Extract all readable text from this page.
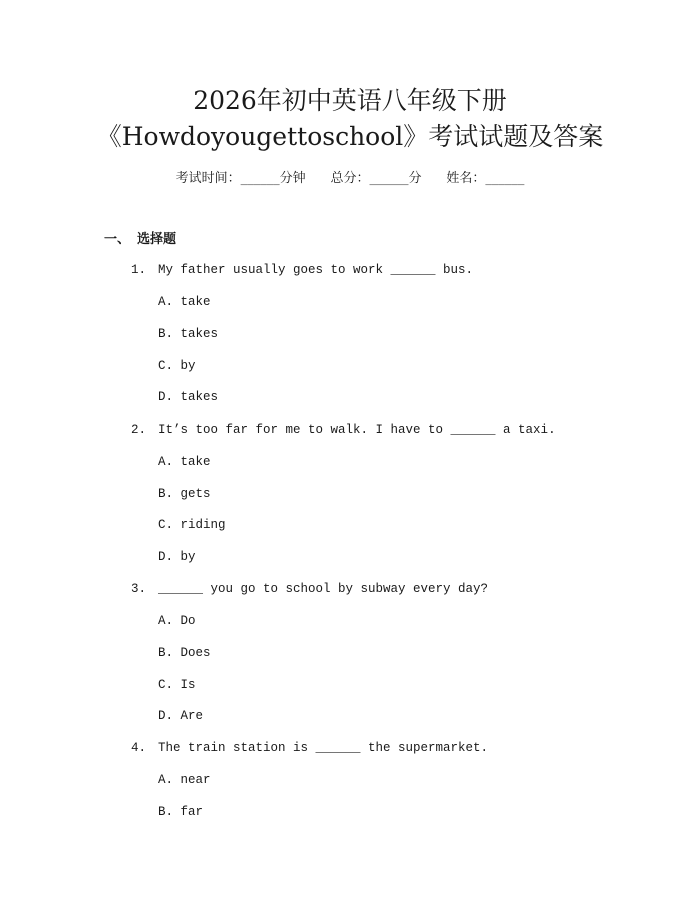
2026年初中英语八年级下册
《Howdoyougettoschool》考试试题及答案
考试时间：______分钟 总分：______分 姓名：______
一、 选择题
1. My father usually goes to work ______ bus.
A. take
B. takes
C. by
D. takes
2. It’s too far for me to walk. I have to ______ a taxi.
A. take
B. gets
C. riding
D. by
3. ______ you go to school by subway every day?
A. Do
B. Does
C. Is
D. Are
4. The train station is ______ the supermarket.
A. near
B. far
